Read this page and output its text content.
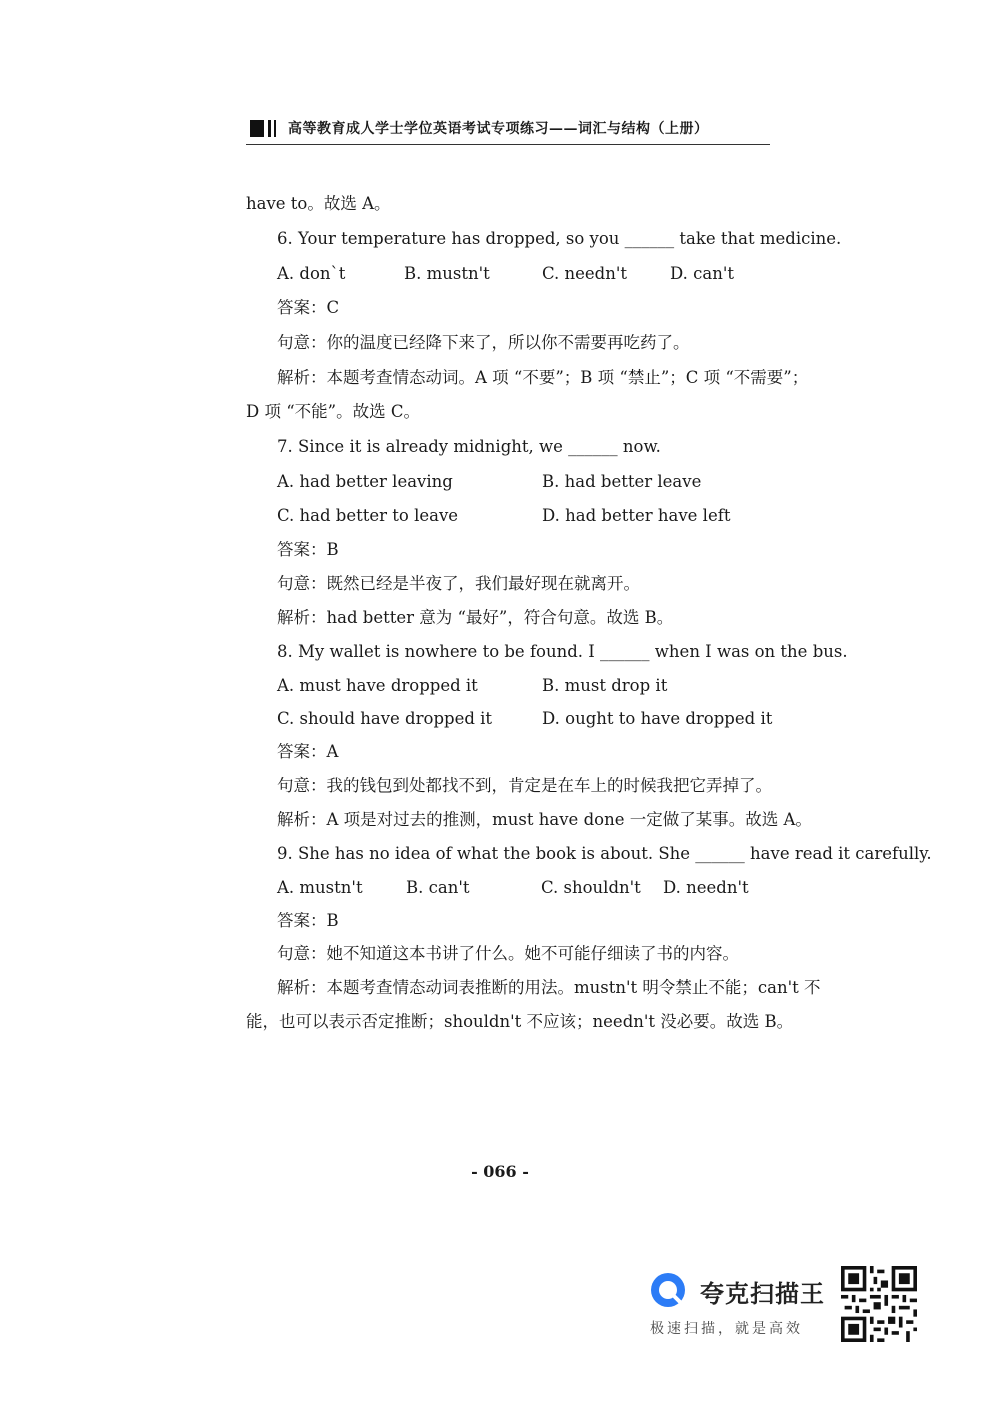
高等教育成人学士学位英语考试专项练习——词汇与结构（上册）
have to。故选 A。
6. Your temperature has dropped, so you ______ take that medicine.
A. don`t	B. mustn't	C. needn't	D. can't
答案：C
句意：你的温度已经降下来了，所以你不需要再吃药了。
解析：本题考查情态动词。A 项 “不要”；B 项 “禁止”；C 项 “不需要”；
D 项 “不能”。故选 C。
7. Since it is already midnight, we ______ now.
A. had better leaving	B. had better leave
C. had better to leave	D. had better have left
答案：B
句意：既然已经是半夜了，我们最好现在就离开。
解析：had better 意为 “最好”，符合句意。故选 B。
8. My wallet is nowhere to be found. I ______ when I was on the bus.
A. must have dropped it	B. must drop it
C. should have dropped it	D. ought to have dropped it
答案：A
句意：我的钱包到处都找不到，肯定是在车上的时候我把它弄掉了。
解析：A 项是对过去的推测，must have done 一定做了某事。故选 A。
9. She has no idea of what the book is about. She ______ have read it carefully.
A. mustn't	B. can't	C. shouldn't D. needn't
答案：B
句意：她不知道这本书讲了什么。她不可能仔细读了书的内容。
解析：本题考查情态动词表推断的用法。mustn't 明令禁止不能；can't 不
能，也可以表示否定推断；shouldn't 不应该；needn't 没必要。故选 B。
- 066 -
夸克扫描王
极速扫描，就是高效
